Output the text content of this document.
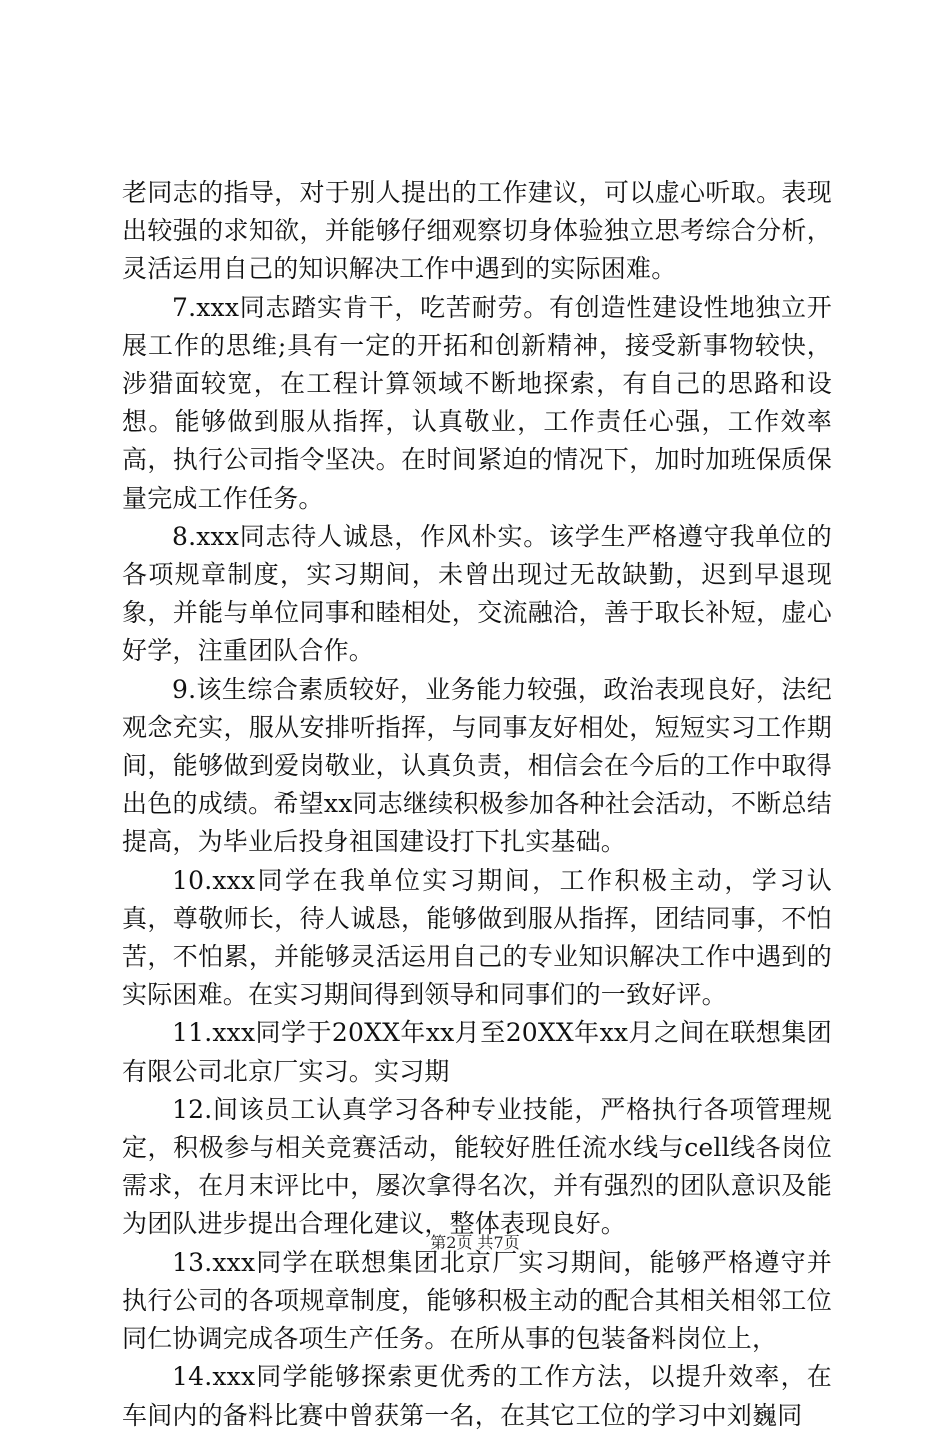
老同志的指导，对于别人提出的工作建议，可以虚心听取。表现出较强的求知欲，并能够仔细观察切身体验独立思考综合分析，灵活运用自己的知识解决工作中遇到的实际困难。

7.xxx同志踏实肯干，吃苦耐劳。有创造性建设性地独立开展工作的思维;具有一定的开拓和创新精神，接受新事物较快，涉猎面较宽，在工程计算领域不断地探索，有自己的思路和设想。能够做到服从指挥，认真敬业，工作责任心强，工作效率高，执行公司指令坚决。在时间紧迫的情况下，加时加班保质保量完成工作任务。

8.xxx同志待人诚恳，作风朴实。该学生严格遵守我单位的各项规章制度，实习期间，未曾出现过无故缺勤，迟到早退现象，并能与单位同事和睦相处，交流融洽，善于取长补短，虚心好学，注重团队合作。

9.该生综合素质较好，业务能力较强，政治表现良好，法纪观念充实，服从安排听指挥，与同事友好相处，短短实习工作期间，能够做到爱岗敬业，认真负责，相信会在今后的工作中取得出色的成绩。希望xx同志继续积极参加各种社会活动，不断总结提高，为毕业后投身祖国建设打下扎实基础。

10.xxx同学在我单位实习期间，工作积极主动，学习认真，尊敬师长，待人诚恳，能够做到服从指挥，团结同事，不怕苦，不怕累，并能够灵活运用自己的专业知识解决工作中遇到的实际困难。在实习期间得到领导和同事们的一致好评。

11.xxx同学于20XX年xx月至20XX年xx月之间在联想集团有限公司北京厂实习。实习期

12.间该员工认真学习各种专业技能，严格执行各项管理规定，积极参与相关竞赛活动，能较好胜任流水线与cell线各岗位需求，在月末评比中，屡次拿得名次，并有强烈的团队意识及能为团队进步提出合理化建议，整体表现良好。

13.xxx同学在联想集团北京厂实习期间，能够严格遵守并执行公司的各项规章制度，能够积极主动的配合其相关相邻工位同仁协调完成各项生产任务。在所从事的包装备料岗位上，

14.xxx同学能够探索更优秀的工作方法，以提升效率，在车间内的备料比赛中曾获第一名，在其它工位的学习中刘巍同

第2页 共7页
